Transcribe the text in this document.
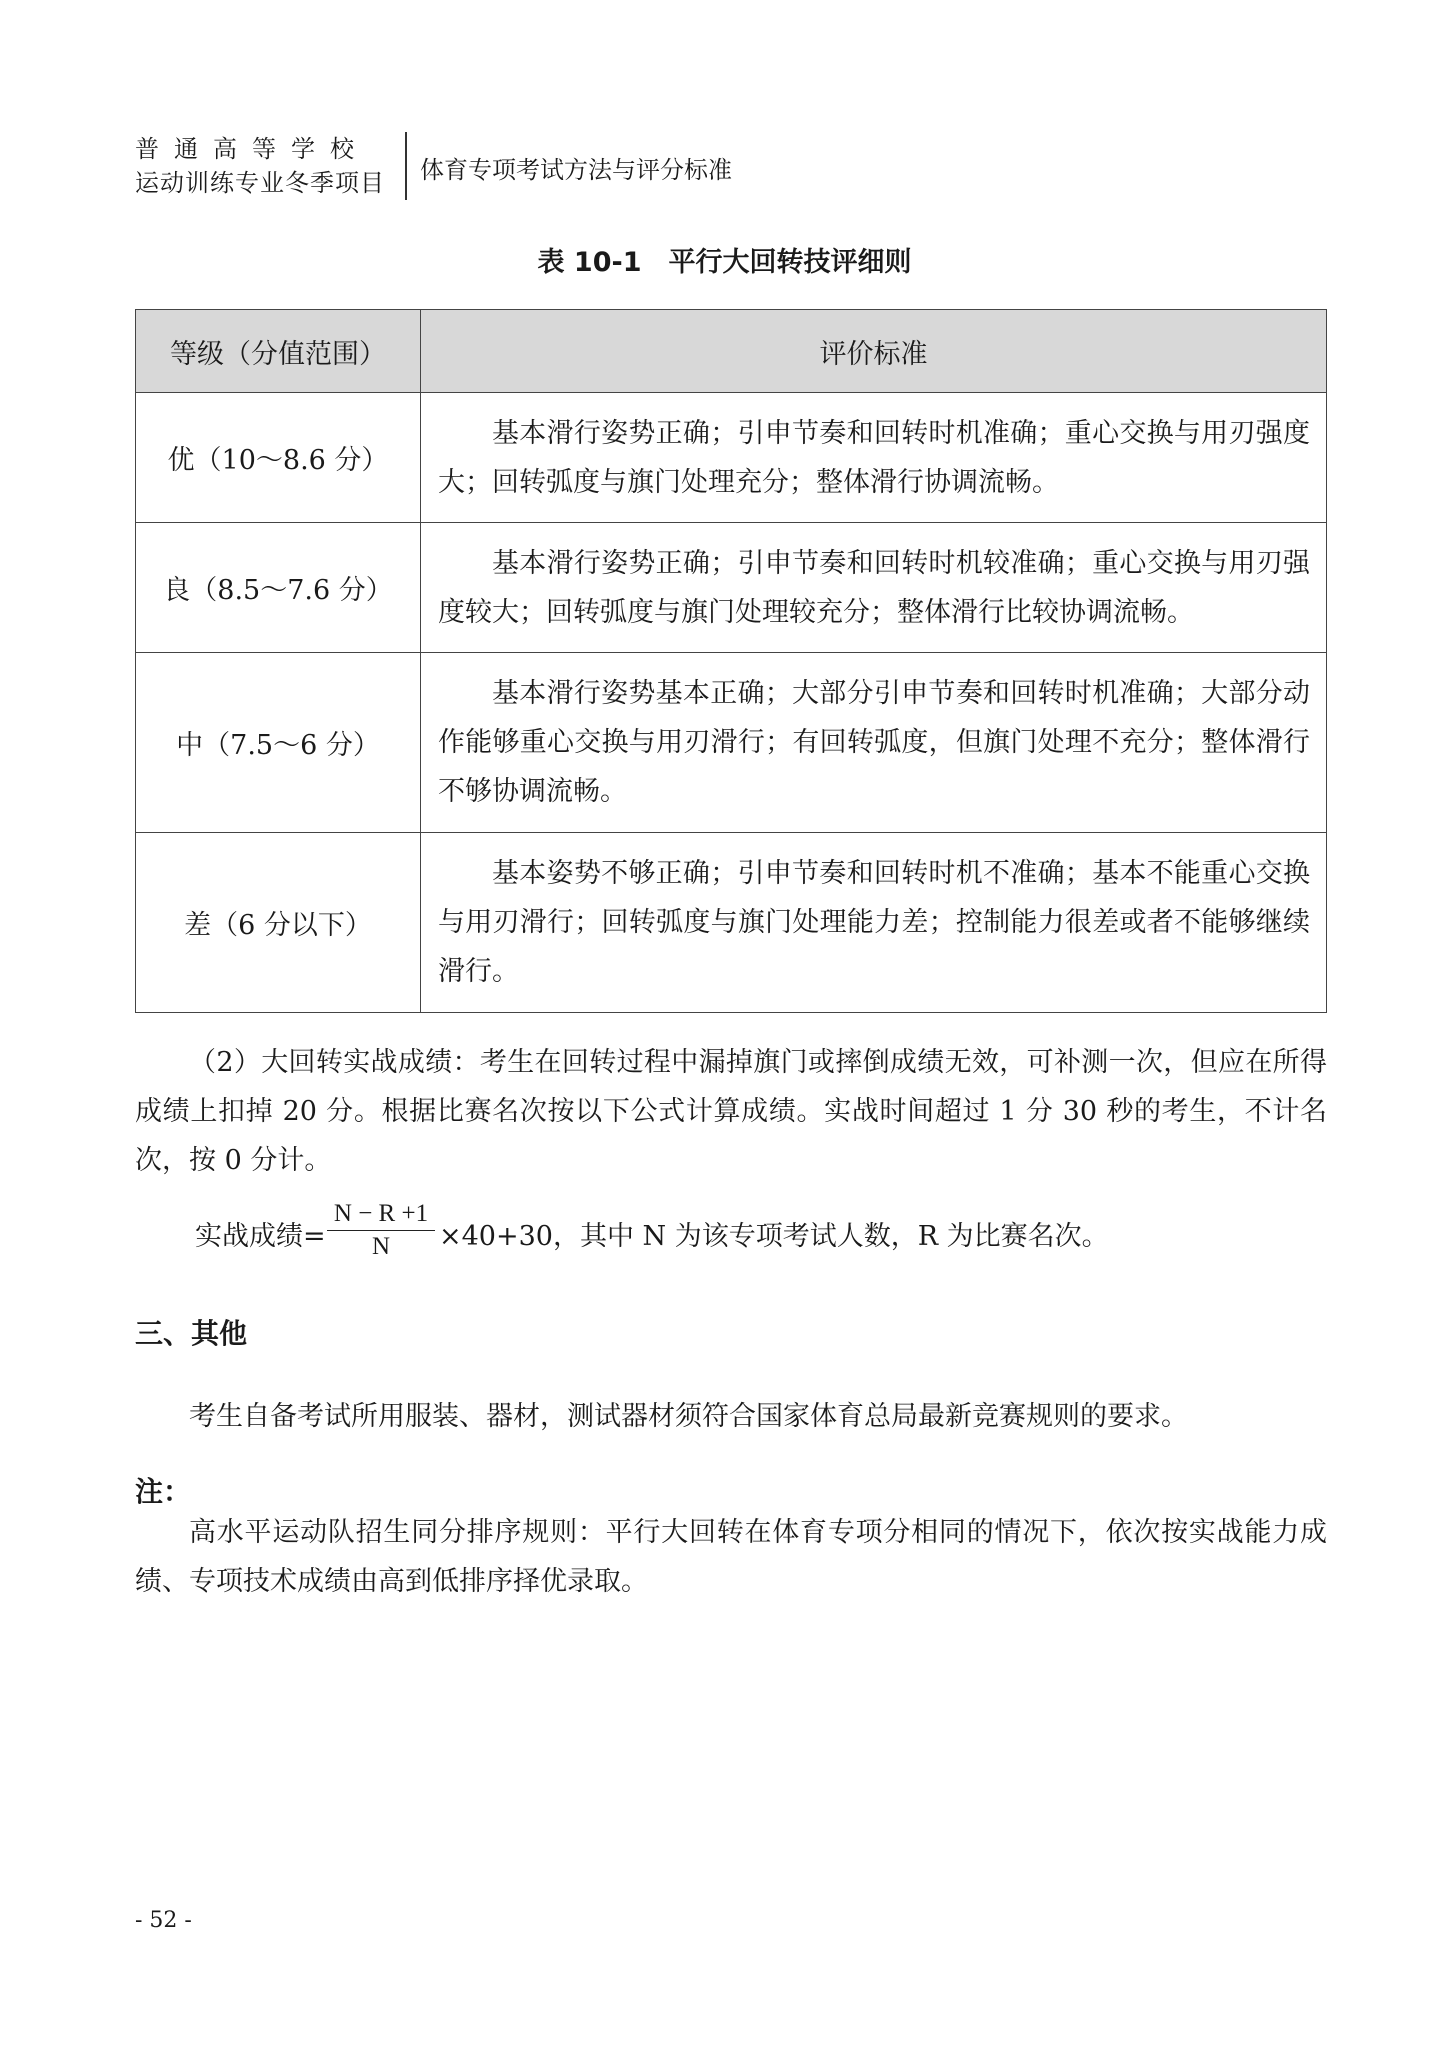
普通高等学校
运动训练专业冬季项目	体育专项考试方法与评分标准
表 10-1　平行大回转技评细则
等级（分值范围）	评价标准
优（10～8.6 分）	基本滑行姿势正确；引申节奏和回转时机准确；重心交换与用刃强度大；回转弧度与旗门处理充分；整体滑行协调流畅。
良（8.5～7.6 分）	基本滑行姿势正确；引申节奏和回转时机较准确；重心交换与用刃强度较大；回转弧度与旗门处理较充分；整体滑行比较协调流畅。
中（7.5～6 分）	基本滑行姿势基本正确；大部分引申节奏和回转时机准确；大部分动作能够重心交换与用刃滑行；有回转弧度，但旗门处理不充分；整体滑行不够协调流畅。
差（6 分以下）	基本姿势不够正确；引申节奏和回转时机不准确；基本不能重心交换与用刃滑行；回转弧度与旗门处理能力差；控制能力很差或者不能够继续滑行。
（2）大回转实战成绩：考生在回转过程中漏掉旗门或摔倒成绩无效，可补测一次，但应在所得成绩上扣掉 20 分。根据比赛名次按以下公式计算成绩。实战时间超过 1 分 30 秒的考生，不计名次，按 0 分计。
实战成绩= $\frac{N - R +1}{N} \times 40+30$，其中 N 为该专项考试人数，R 为比赛名次。
三、其他
考生自备考试所用服装、器材，测试器材须符合国家体育总局最新竞赛规则的要求。
注：
高水平运动队招生同分排序规则：平行大回转在体育专项分相同的情况下，依次按实战能力成绩、专项技术成绩由高到低排序择优录取。
- 52 -
